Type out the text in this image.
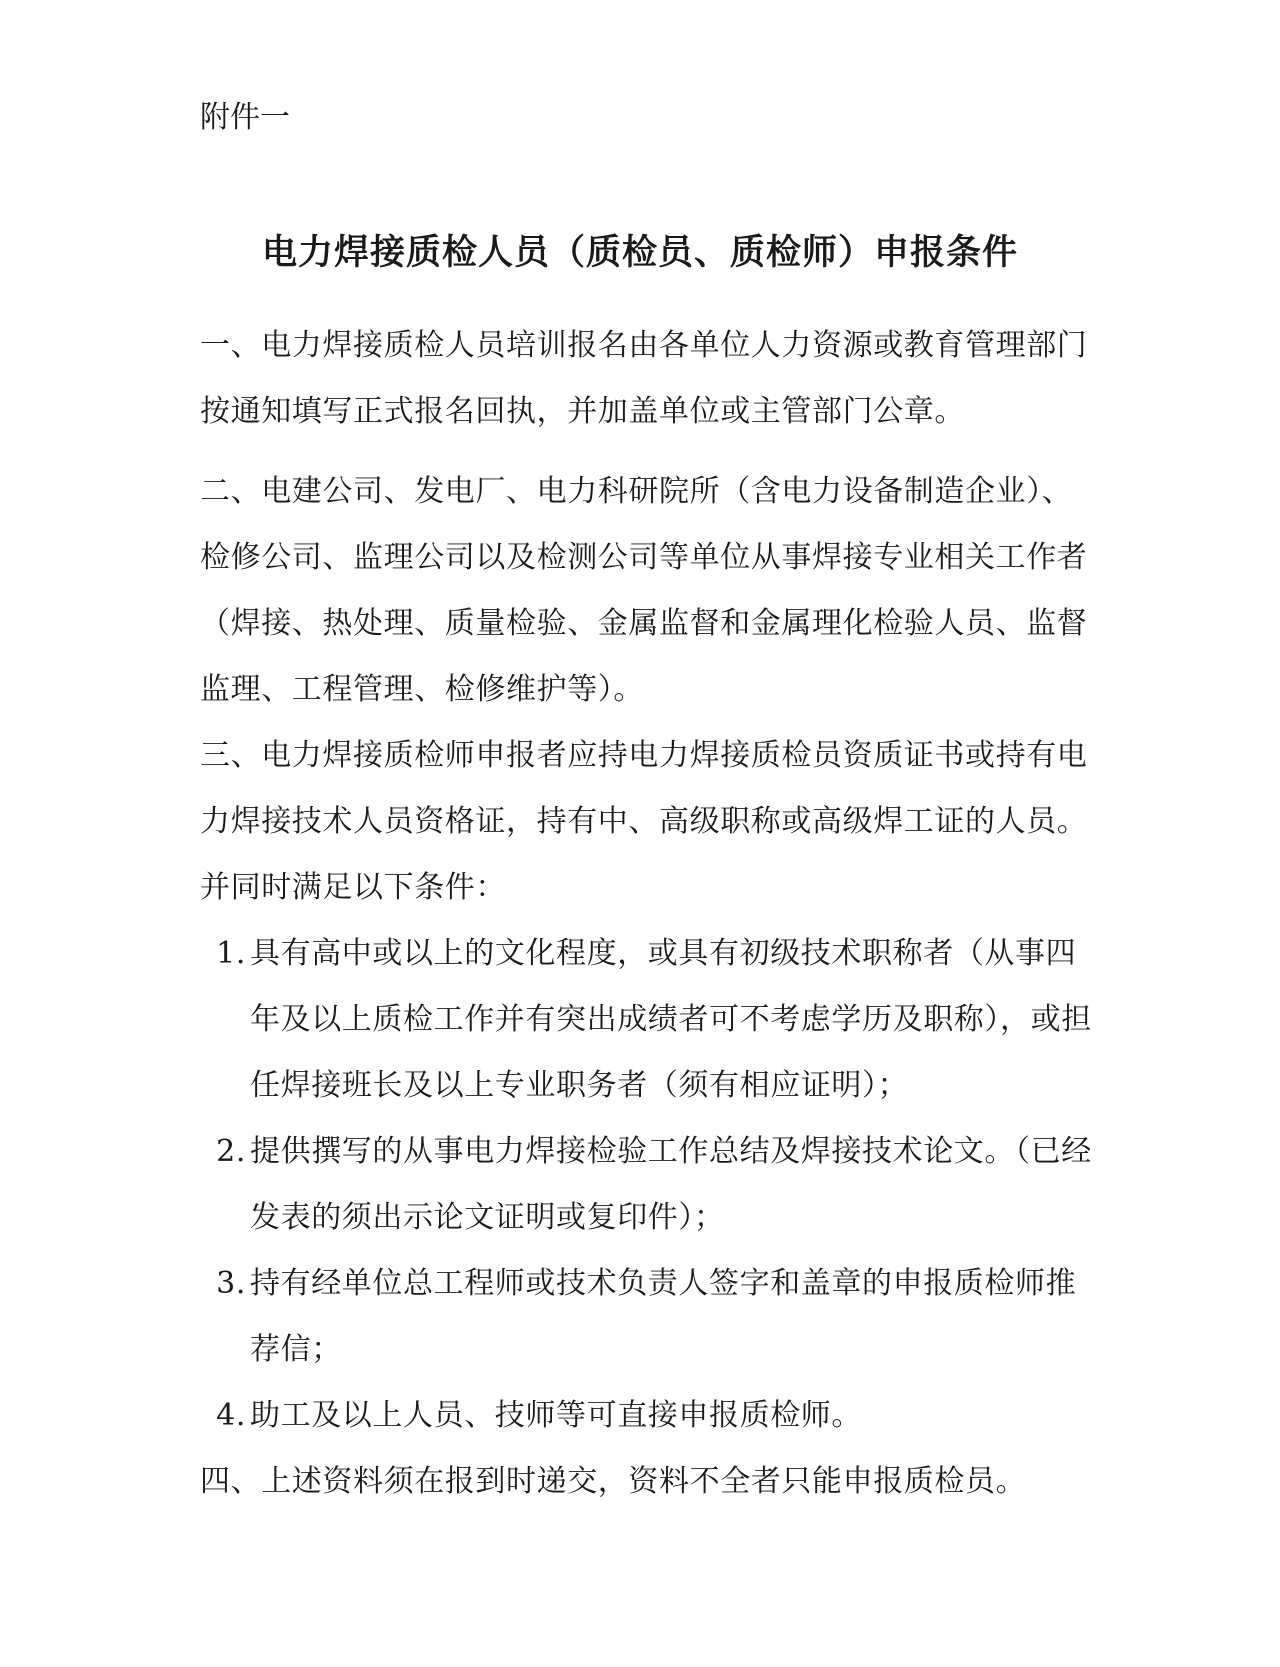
附件一

电力焊接质检人员（质检员、质检师）申报条件

一、电力焊接质检人员培训报名由各单位人力资源或教育管理部门按通知填写正式报名回执，并加盖单位或主管部门公章。

二、电建公司、发电厂、电力科研院所（含电力设备制造企业）、检修公司、监理公司以及检测公司等单位从事焊接专业相关工作者（焊接、热处理、质量检验、金属监督和金属理化检验人员、监督监理、工程管理、检修维护等）。

三、电力焊接质检师申报者应持电力焊接质检员资质证书或持有电力焊接技术人员资格证，持有中、高级职称或高级焊工证的人员。

并同时满足以下条件：

1. 具有高中或以上的文化程度，或具有初级技术职称者（从事四年及以上质检工作并有突出成绩者可不考虑学历及职称），或担任焊接班长及以上专业职务者（须有相应证明）；
2. 提供撰写的从事电力焊接检验工作总结及焊接技术论文。（已经发表的须出示论文证明或复印件）；
3. 持有经单位总工程师或技术负责人签字和盖章的申报质检师推荐信；
4. 助工及以上人员、技师等可直接申报质检师。

四、上述资料须在报到时递交，资料不全者只能申报质检员。
